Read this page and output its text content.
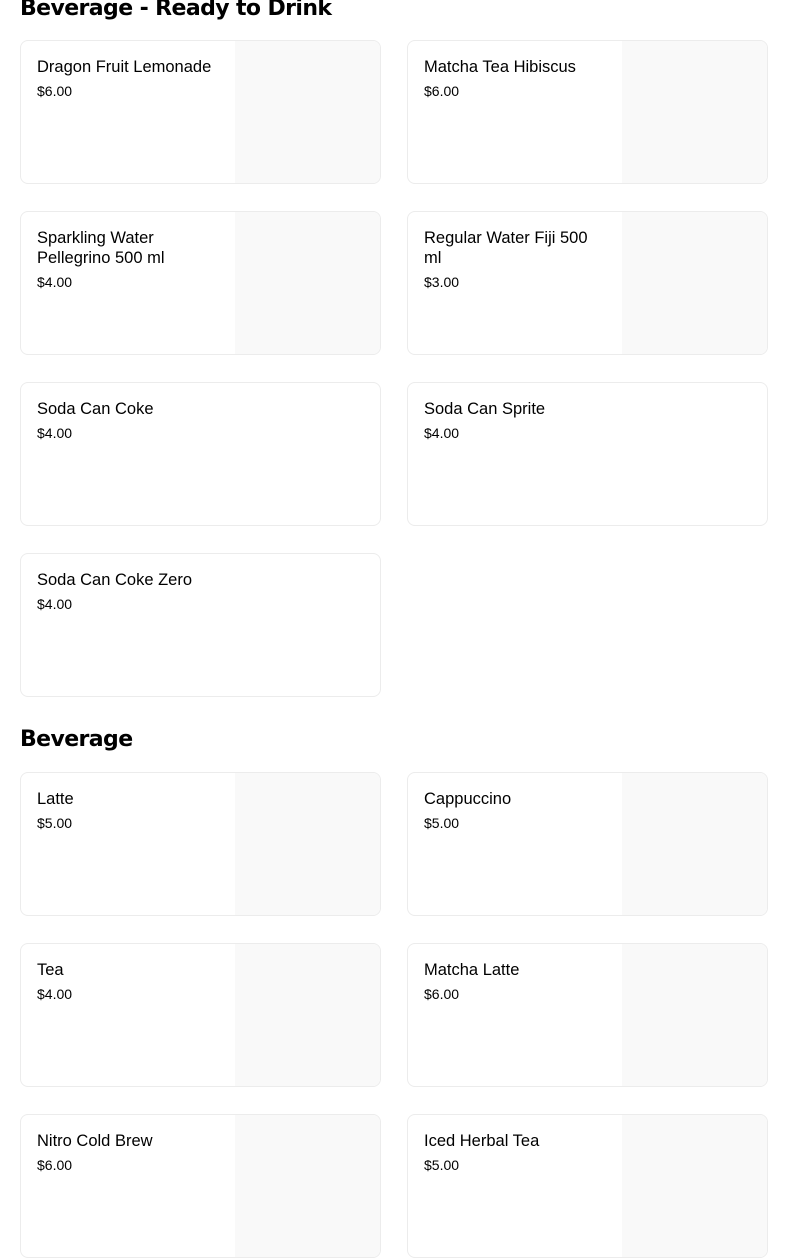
Beverage - Ready to Drink
Dragon Fruit Lemonade
$6.00
Matcha Tea Hibiscus
$6.00
Sparkling Water Pellegrino 500 ml
$4.00
Regular Water Fiji 500 ml
$3.00
Soda Can Coke
$4.00
Soda Can Sprite
$4.00
Soda Can Coke Zero
$4.00
Beverage
Latte
$5.00
Cappuccino
$5.00
Tea
$4.00
Matcha Latte
$6.00
Nitro Cold Brew
$6.00
Iced Herbal Tea
$5.00
